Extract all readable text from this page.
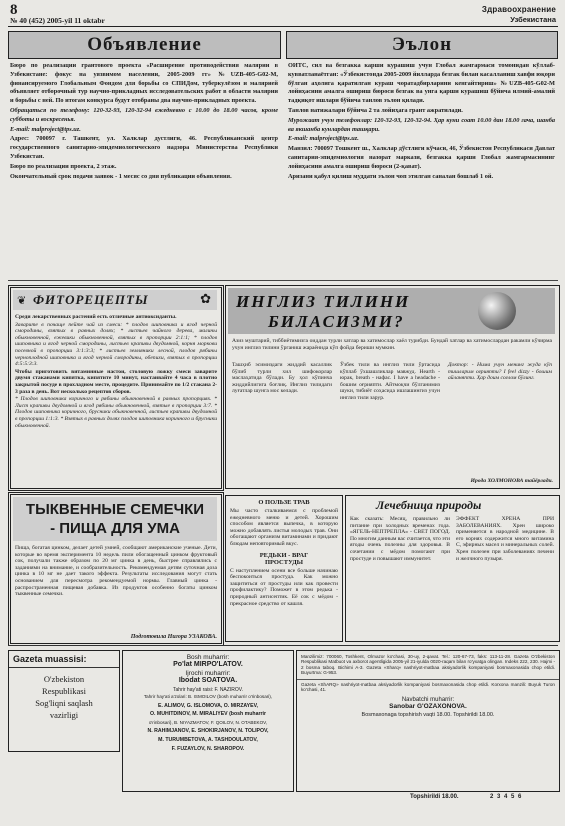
8
№ 40 (452) 2005-yil 11 oktabr
Здравоохранение
Узбекистана
Объявление

Бюро по реализации грантового проекта «Расширение противодействия малярии в Узбекистане: фокус на уязвимом населении, 2005-2009 гг» №UZB-405-G02-M, финансируемого Глобальным Фондом для борьбы со СПИДом, туберкулёзом и малярией объявляет отборочный тур научно-прикладных исследовательских работ в области малярии и борьбы с ней. По итогам конкурса будут отобраны два научно-прикладных проекта.

Обращаться по телефону: 120-32-93, 120-32-94 ежедневно с 10.00 до 18.00 часов, кроме субботы и воскресенья.

E-mail: malproject@tps.uz.

Адрес: 700097 г. Ташкент, ул. Халклар дустлиги, 46. Республиканский центр государственного санитарно-эпидемиологического надзора Министерства Республики Узбекистан.

Бюро по реализации проекта, 2 этаж.

Окончательный срок подачи заявок - 1 месяс со дня публикации объявления.

Эълон

ОИТС, сил ва безгакка карши курашиш учун Глобал жамгармаси томонидан кўллаб-кувватланаётган: «Ўзбекистонда 2005-2009 йилларда безгак билан касалланиш хавфи юқори бўлган аҳолига қаратилган кураш чоратадбирларини кенгайтириш» №UZB-405-G02-M лойиҳасини амалга ошириш бюроси безгак ва унга қарши курашиш бўйича илмий-амалий тадқиқот ишлари бўйича танлов эълон қилади.

Танлов натижалари бўйича 2 та лойиҳага грант ажратилади.

Мурожаат учун телефонлар: 120-32-93, 120-32-94. Ҳар куни соат 10.00 дан 18.00 гача, шанба ва якшанба кунлардан ташқари.

E-mail: malproject@tps.uz.

Манзил: 700097 Тошкент ш., Халклар дўстлиги кўчаси, 46, Ўзбекистон Республикаси Давлат санитария-эпидемиология назорат маркази, безгакка қарши Глобал жамгармасининг лойиҳасини амалга ошириш бюроси (2-қават).

Аризани қабул қилиш муддати эълон чоп этилган саналан бошлаб 1 ой.

❦ ФИТОРЕЦЕПТЫ	✿

Среди лекарственных растений есть отличные антиоксиданты.

Заварите в почаще пейте чай из смеси: * плодов шиповника и ягод черной смородины, взятых в равных долях; * листьев чайного дерева, малины обыкновенной, ежевики обыкновенной, взятых в пропорции 2:1:1; * плодов шиповника и ягод черной смородины, листьев крапивы двудомной, корня моркови посевной в пропорции 3:1:3:3; * листьев земляники лесной, плодов рябины черноплодной шиповника и ягод черной смородины, обепихи, взятых в пропорции 4:5:5:3:3.

Чтобы приготовить витаминные настои, столовую ложку смеси заварите двумя стаканами кипятка, кипятите 10 минут, настаивайте 4 часа в плотно закрытой посуде в прохладном месте, процедите. Принимайте по 1/2 стакана 2-3 раза в день. Вот несколько рецептов сборов.

* Плодов шиповника коричного и рябины обыкновенной в равных пропорциях. * Лист крапивы двудомной и ягод рябины обыкновенной, взятые в пропорции 3:7. * Плодов шиповника коричного, брусники обыкновенной, листьев крапивы двудомной в пропорции 1:1:3. * Взятых в равных долях плодов шиповника коричного и брусники обыкновенной.

ТЫКВЕННЫЕ СЕМЕЧКИ
- ПИЩА ДЛЯ УМА
Пища, богатая цинком, делает детей умней, сообщают американские ученые. Дети, которые во время эксперимента 10 недель пили обогащенный цинком фруктовый сок, получали также образом по 20 мг цинка в день, быстрее справлялись с заданиями на внимание, и сообразительность. Рекомендуемая детям суточная доза цинка в 10 мг не дает такого эффекта. Результаты исследования могут стать основанием для пересмотра рекомендуемой нормы. Главный цинка - распространенная пищевая добавка. Из продуктов особенно богаты цинком тыквенные семечки.
Подготовила Нигора УЗАКОВА.
ИНГЛИЗ ТИЛИНИ
БИЛАСИЗМИ?
Азиз муштарий, тиббиётимизга оиддан турли хатлар ва хатимослар хаёл турибди. Бундай хатлар ва хатимослардан ракамли кўчирма учун инглиз тилини ўрганиш жараёнида кўп фойда бериши мумкин.
Ташҳиб эсимиздаги жиддий касаллик бўлиб турли хил шифокорлар маслаҳатида бўлади. Бу ҳол кўпинча жиддийлигига боғлиқ. Инглиз тилидаги луғатлар шунга мос келади.
Ўзбек тили ва инглиз тили ўртасида кўплаб ўхшашликлар мавжуд. Hearth - юрак, breath - нафас. I have a headache - бошим оғрияпти. Айтмоқчи бўлганимиз шуки, тибиёт соҳасида ишлашингиз учун инглиз тили зарур.
Доктор: - Нима учун менинг жуда кўп тишларим оғрияпти? I feel dizzy - бошим айланяпти. Ҳар доим соғлом бўлинг.
Ирода ХОЛМОНОВА тайёрлади.
О ПОЛЬЗЕ ТРАВ
Мы часто сталкиваемся с проблемой ежедневного меню и детей. Хорошим способом является выпечка, в которую можно добавлять листья молодых трав. Они обогащают организм витаминами и придают блюдам неповторимый вкус.
РЕДЬКИ - ВРАГ
ПРОСТУДЫ
С наступлением осени все больше начинаю беспокоиться простуда. Как можно защититься от простуды или как провести профилактику? Поможет в этом редька - природный антисептик. Её сок с мёдом - прекрасное средство от кашля.
Лечебница природы
Как сказать: Месяц, правильно ли питание при холодных временах года. «ЯГЕЛЬ-НЕПТРЕПЛА» - СВЕТ ПОГОД. По многим данным вас считается, что эти ягоды очень полезны для здоровья. В сочетании с мёдом помогают при простуде и повышают иммунитет.
ЭФФЕКТ ХРЕНА ПРИ ЗАБОЛЕВАНИЯХ. Хрен широко применяется в народной медицине. В его корнях содержится много витамина С, эфирных масел и минеральных солей. Хрен полезен при заболеваниях печени и желчного пузыря.
Gazeta muassisi:
O'zbekiston
Respublikasi
Sog'liqni saqlash
vazirligi
Bosh muharrir:
Po'lat MIRPO'LATOV.
Ijrochi muharrir:
Ibodat SOATOVA.
Tahrir hay'ati raisi: F. NAZIROV.
Tahrir hay'ati a'zolari: B. ISMOILOV (bosh muharrir o'rinbosari),
E. ALIMOV, G. ISLOMOVA, O. MIRZAYEV,
O. MUHITDINOV, M. MIRALIYEV (bosh muharrir
o'rinbosari), B. NIYAZMATOV, F. QOILOV, N. OTABEKOV,
N. RAHIMJANOV, E. SHOKIRJANOV, N. TOLIPOV,
M. TURUMBETOVA, A. TASHDOULATOV,
F. FUZAYLOV, N. SHAROPOV.
Manzilimiz: 700060, Toshkent, Olmazor ko'chasi, 30-uy, 2-qavat. Tel.: 120-67-73, faks: 113-11-28. Gazeta O'zbekiston Respublikasi Matbuot va axborot agentligida 2005-yil 21-iyulda 0020-raqam bilan ro'yxatga olingan. Indeks 222, 230. Hajmi - 2 bosma taboq. Bichimi A-3. Gazeta «Sharq» nashriyot-matbaa aksiyadorlik kompaniyasi bosmaxonasida chop etildi. Buyurtma: G-953.
Gazeta «ShARQ» nashriyot-matbaa aksiyadorlik kompaniyasi bosmaxonasida chop etildi. Korxona manzili: Buyuk Turon ko'chasi, 41.
Navbatchi muharrir:
Sanobar G'OZAXONOVA.
Bosmaxonaga topshirish vaqti 18.00. Topshirildi 18.00.
Topshirildi 18.00.	2 3 4 5 6
